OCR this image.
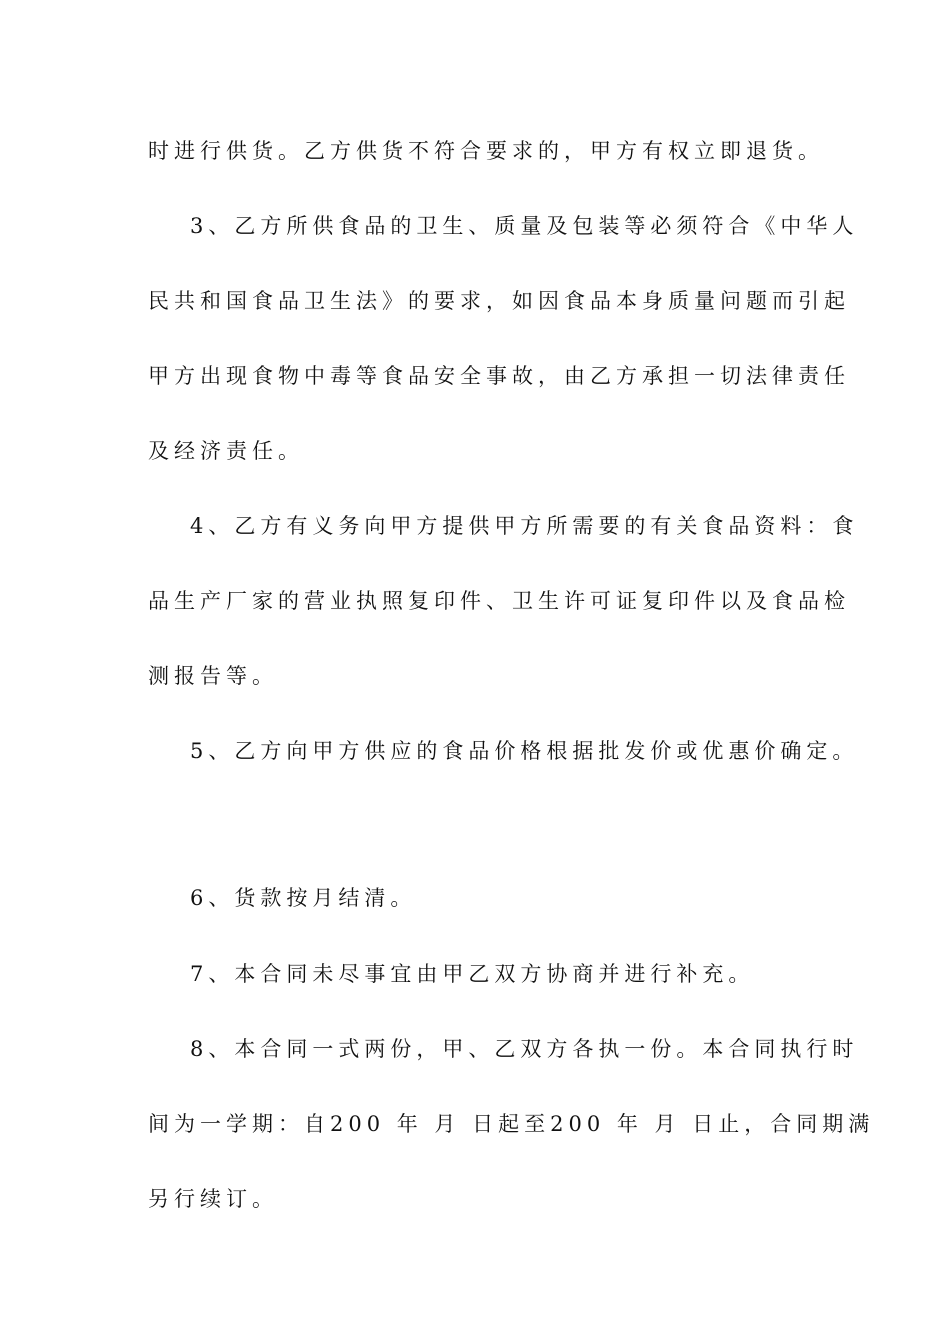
时进行供货。乙方供货不符合要求的，甲方有权立即退货。

3、乙方所供食品的卫生、质量及包装等必须符合《中华人

民共和国食品卫生法》的要求，如因食品本身质量问题而引起

甲方出现食物中毒等食品安全事故，由乙方承担一切法律责任

及经济责任。

4、乙方有义务向甲方提供甲方所需要的有关食品资料：食

品生产厂家的营业执照复印件、卫生许可证复印件以及食品检

测报告等。

5、乙方向甲方供应的食品价格根据批发价或优惠价确定。

6、货款按月结清。

7、本合同未尽事宜由甲乙双方协商并进行补充。

8、本合同一式两份，甲、乙双方各执一份。本合同执行时

间为一学期：自200 年 月 日起至200 年 月 日止，合同期满

另行续订。
